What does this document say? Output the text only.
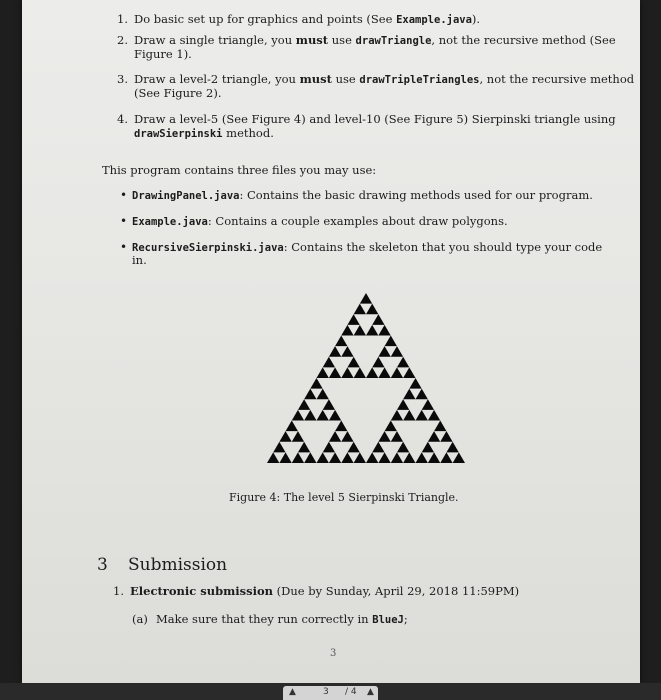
1. Do basic set up for graphics and points (See Example.java).
2. Draw a single triangle, you must use drawTriangle, not the recursive method (See
Figure 1).
3. Draw a level-2 triangle, you must use drawTripleTriangles, not the recursive method
(See Figure 2).
4. Draw a level-5 (See Figure 4) and level-10 (See Figure 5) Sierpinski triangle using
drawSierpinski method.
This program contains three files you may use:
• DrawingPanel.java: Contains the basic drawing methods used for our program.
• Example.java: Contains a couple examples about draw polygons.
• RecursiveSierpinski.java: Contains the skeleton that you should type your code
in.
Figure 4: The level 5 Sierpinski Triangle.
3 Submission
1. Electronic submission (Due by Sunday, April 29, 2018 11:59PM)
(a) Make sure that they run correctly in BlueJ;
3
▲	3 / 4 ▲
